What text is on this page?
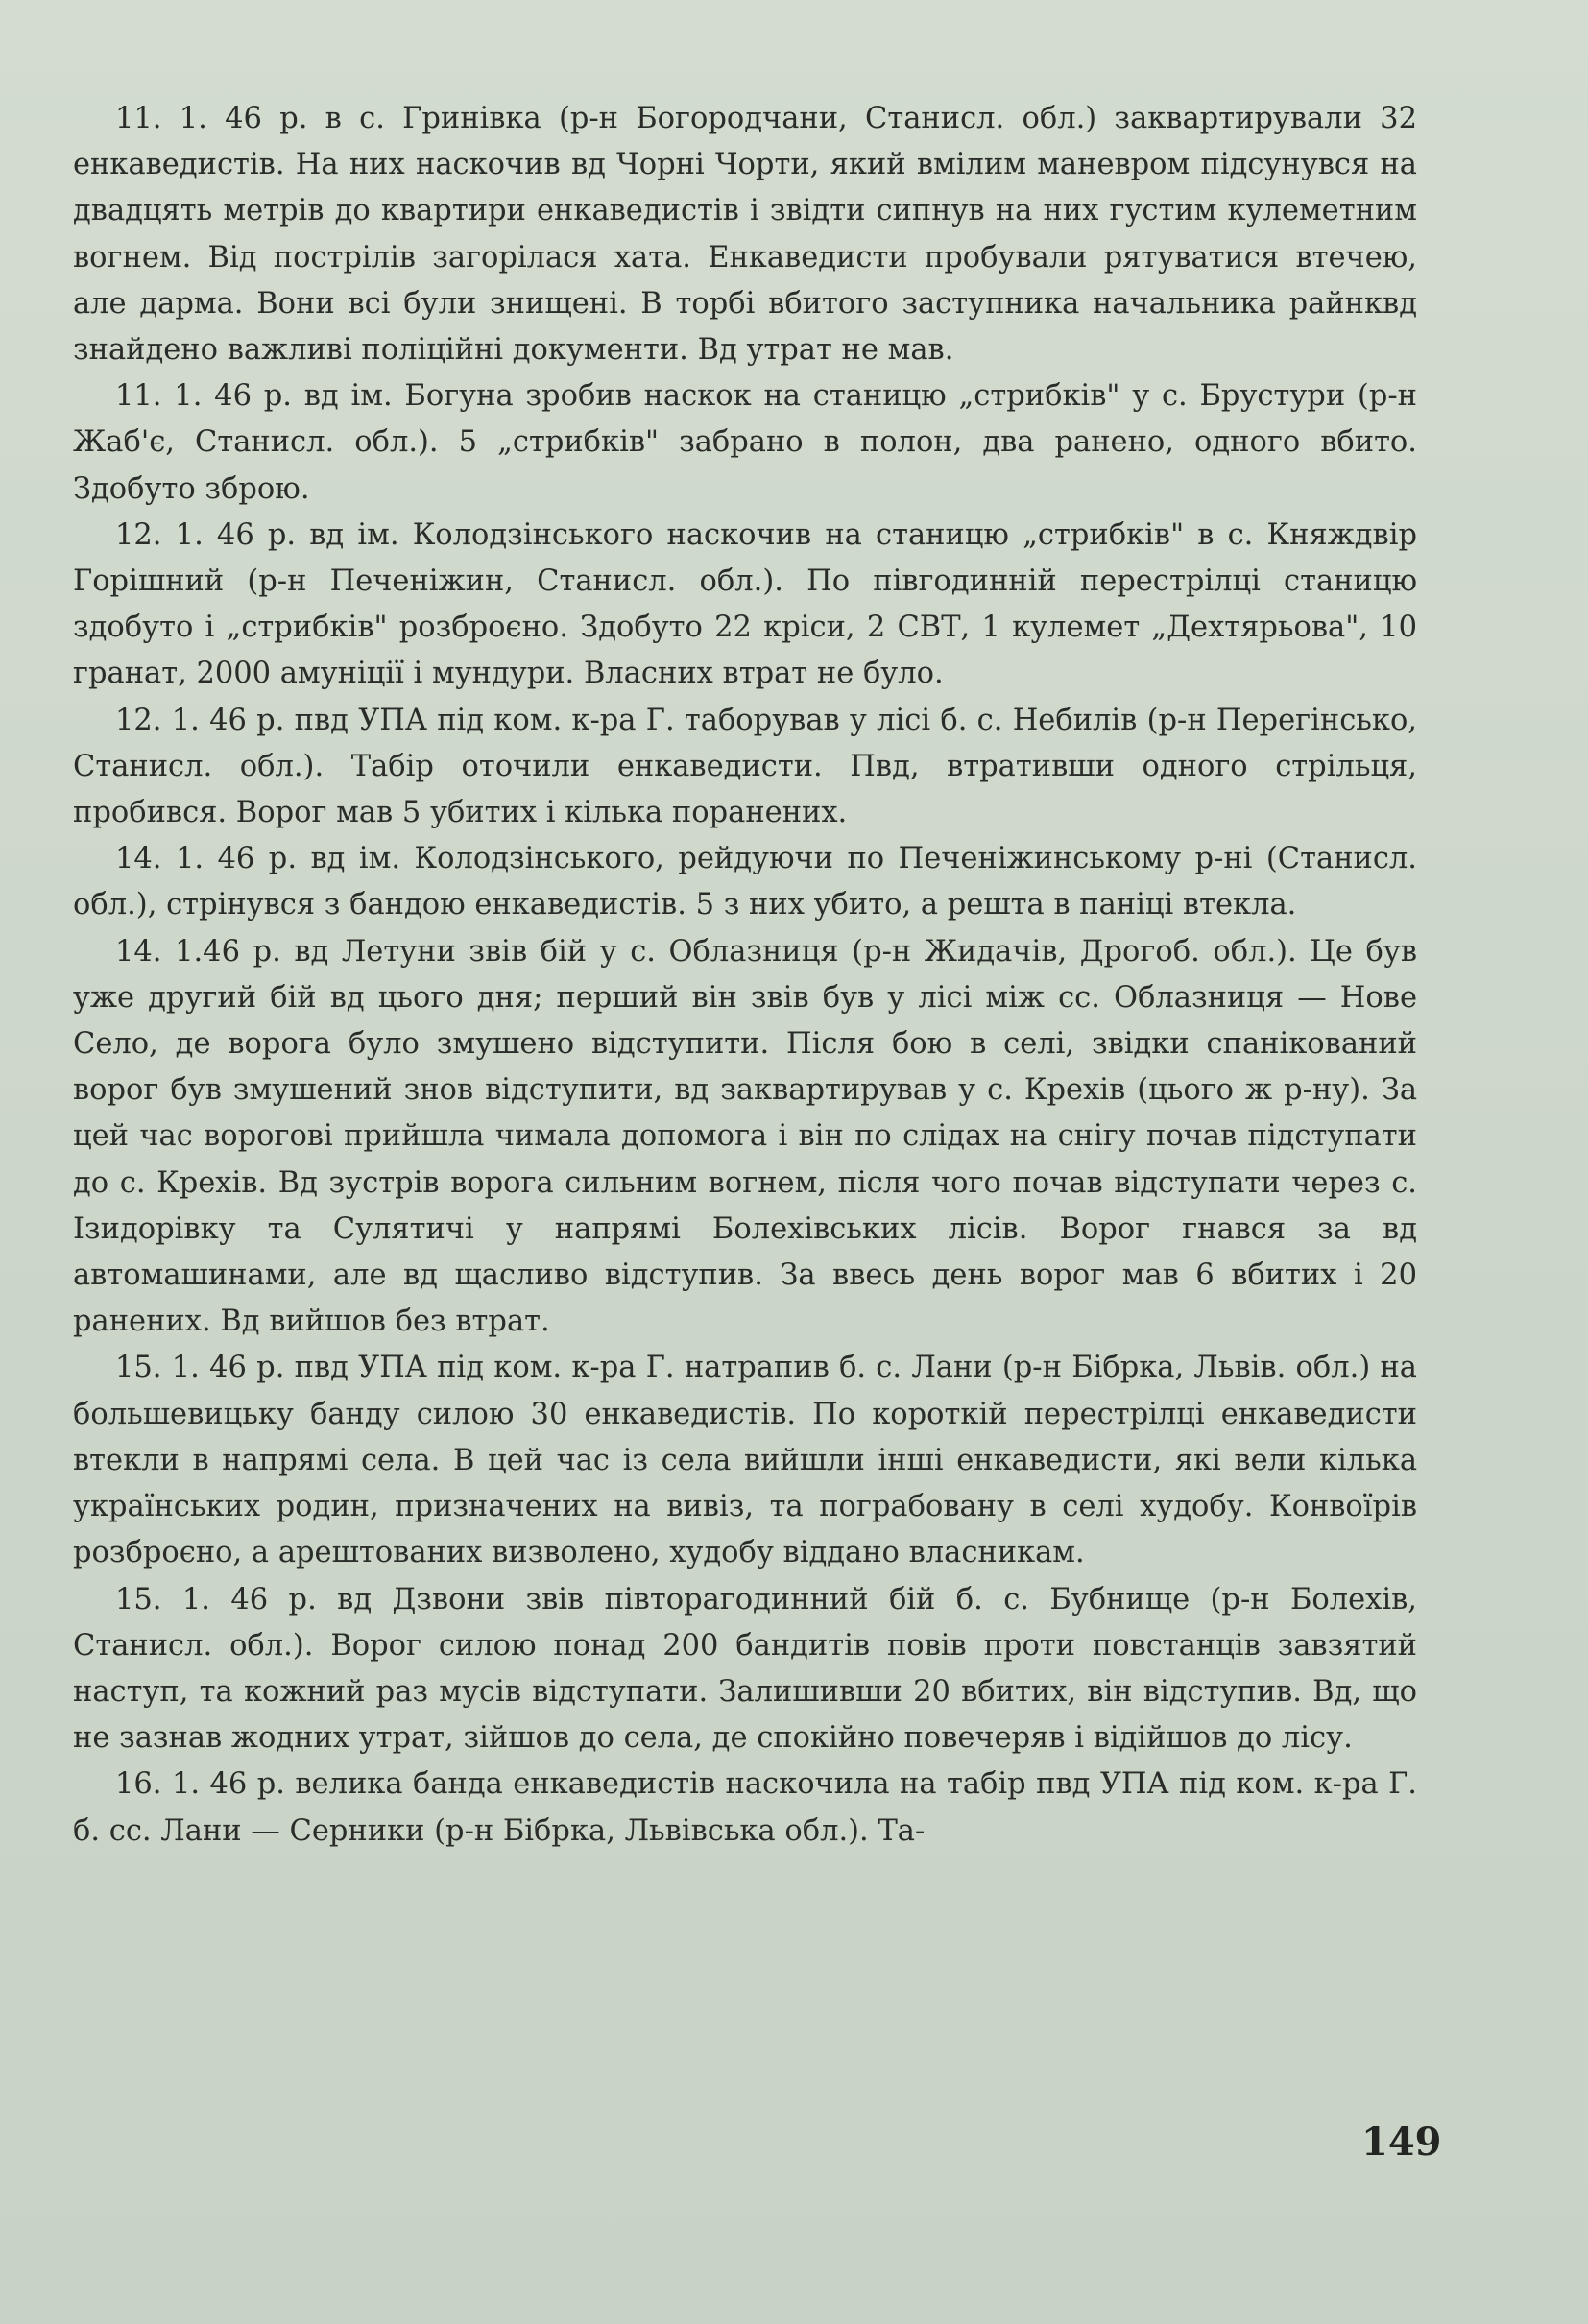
11. 1. 46 р. в с. Гринівка (р-н Богородчани, Станисл. обл.) заквартирували 32 енкаведистів. На них наскочив вд Чорні Чорти, який вмілим маневром підсунувся на двадцять метрів до квартири енкаведистів і звідти сипнув на них густим кулеметним вогнем. Від пострілів загорілася хата. Енкаведисти пробували рятуватися втечею, але дарма. Вони всі були знищені. В торбі вбитого заступника начальника райнквд знайдено важливі поліційні документи. Вд утрат не мав.

11. 1. 46 р. вд ім. Богуна зробив наскок на станицю „стрибків" у с. Брустури (р-н Жаб'є, Станисл. обл.). 5 „стрибків" забрано в полон, два ранено, одного вбито. Здобуто зброю.

12. 1. 46 р. вд ім. Колодзінського наскочив на станицю „стрибків" в с. Княждвір Горішний (р-н Печеніжин, Станисл. обл.). По півгодинній перестрілці станицю здобуто і „стрибків" розброєно. Здобуто 22 кріси, 2 СВТ, 1 кулемет „Дехтярьова", 10 гранат, 2000 амуніції і мундури. Власних втрат не було.

12. 1. 46 р. пвд УПА під ком. к-ра Г. таборував у лісі б. с. Небилів (р-н Перегінсько, Станисл. обл.). Табір оточили енкаведисти. Пвд, втративши одного стрільця, пробився. Ворог мав 5 убитих і кілька поранених.

14. 1. 46 р. вд ім. Колодзінського, рейдуючи по Печеніжинському р-ні (Станисл. обл.), стрінувся з бандою енкаведистів. 5 з них убито, а решта в паніці втекла.

14. 1.46 р. вд Летуни звів бій у с. Облазниця (р-н Жидачів, Дрогоб. обл.). Це був уже другий бій вд цього дня; перший він звів був у лісі між сс. Облазниця — Нове Село, де ворога було змушено відступити. Після бою в селі, звідки спанікований ворог був змушений знов відступити, вд заквартирував у с. Крехів (цього ж р-ну). За цей час ворогові прийшла чимала допомога і він по слідах на снігу почав підступати до с. Крехів. Вд зустрів ворога сильним вогнем, після чого почав відступати через с. Ізидорівку та Сулятичі у напрямі Болехівських лісів. Ворог гнався за вд автомашинами, але вд щасливо відступив. За ввесь день ворог мав 6 вбитих і 20 ранених. Вд вийшов без втрат.

15. 1. 46 р. пвд УПА під ком. к-ра Г. натрапив б. с. Лани (р-н Бібрка, Львів. обл.) на большевицьку банду силою 30 енкаведистів. По короткій перестрілці енкаведисти втекли в напрямі села. В цей час із села вийшли інші енкаведисти, які вели кілька українських родин, призначених на вивіз, та пограбовану в селі худобу. Конвоїрів розброєно, а арештованих визволено, худобу віддано власникам.

15. 1. 46 р. вд Дзвони звів півторагодинний бій б. с. Бубнище (р-н Болехів, Станисл. обл.). Ворог силою понад 200 бандитів повів проти повстанців завзятий наступ, та кожний раз мусів відступати. Залишивши 20 вбитих, він відступив. Вд, що не зазнав жодних утрат, зійшов до села, де спокійно повечеряв і відійшов до лісу.

16. 1. 46 р. велика банда енкаведистів наскочила на табір пвд УПА під ком. к-ра Г. б. сс. Лани — Серники (р-н Бібрка, Львівська обл.). Та-

149
